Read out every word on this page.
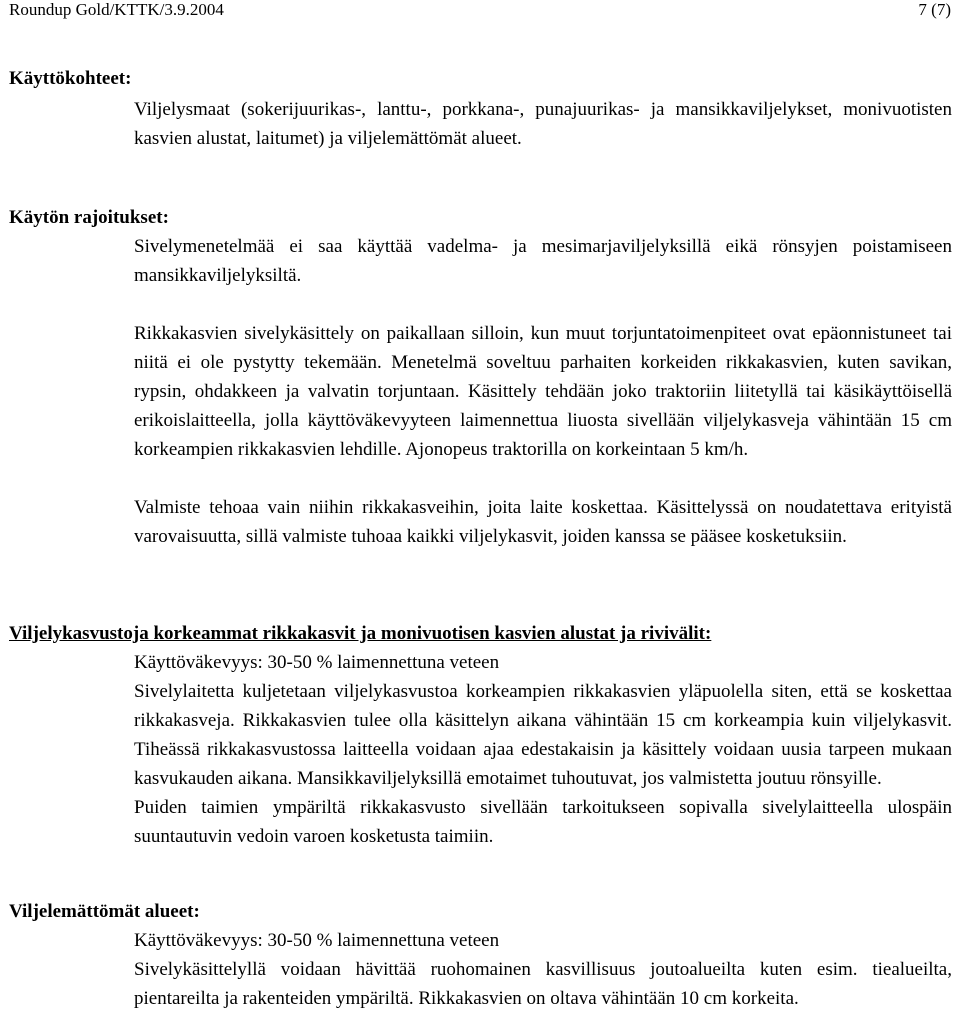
Roundup Gold/KTTK/3.9.2004	7 (7)
Käyttökohteet:

Viljelysmaat (sokerijuurikas-, lanttu-, porkkana-, punajuurikas- ja mansikkaviljelykset, monivuotisten kasvien alustat, laitumet) ja viljelemättömät alueet.

Käytön rajoitukset:

Sivelymenetelmää ei saa käyttää vadelma- ja mesimarjaviljelyksillä eikä rönsyjen poistamiseen mansikkaviljelyksiltä.

Rikkakasvien sivelykäsittely on paikallaan silloin, kun muut torjuntatoimenpiteet ovat epäonnistuneet tai niitä ei ole pystytty tekemään. Menetelmä soveltuu parhaiten korkeiden rikkakasvien, kuten savikan, rypsin, ohdakkeen ja valvatin torjuntaan. Käsittely tehdään joko traktoriin liitetyllä tai käsikäyttöisellä erikoislaitteella, jolla käyttöväkevyyteen laimennettua liuosta sivellään viljelykasveja vähintään 15 cm korkeampien rikkakasvien lehdille. Ajonopeus traktorilla on korkeintaan 5 km/h.

Valmiste tehoaa vain niihin rikkakasveihin, joita laite koskettaa. Käsittelyssä on noudatettava erityistä varovaisuutta, sillä valmiste tuhoaa kaikki viljelykasvit, joiden kanssa se pääsee kosketuksiin.

Viljelykasvustoja korkeammat rikkakasvit ja monivuotisen kasvien alustat ja rivivälit:

Käyttöväkevyys: 30-50 % laimennettuna veteen

Sivelylaitetta kuljetetaan viljelykasvustoa korkeampien rikkakasvien yläpuolella siten, että se koskettaa rikkakasveja. Rikkakasvien tulee olla käsittelyn aikana vähintään 15 cm korkeampia kuin viljelykasvit. Tiheässä rikkakasvustossa laitteella voidaan ajaa edestakaisin ja käsittely voidaan uusia tarpeen mukaan kasvukauden aikana. Mansikkaviljelyksillä emotaimet tuhoutuvat, jos valmistetta joutuu rönsyille.

Puiden taimien ympäriltä rikkakasvusto sivellään tarkoitukseen sopivalla sivelylaitteella ulospäin suuntautuvin vedoin varoen kosketusta taimiin.

Viljelemättömät alueet:

Käyttöväkevyys: 30-50 % laimennettuna veteen

Sivelykäsittelyllä voidaan hävittää ruohomainen kasvillisuus joutoalueilta kuten esim. tiealueilta, pientareilta ja rakenteiden ympäriltä. Rikkakasvien on oltava vähintään 10 cm korkeita.
